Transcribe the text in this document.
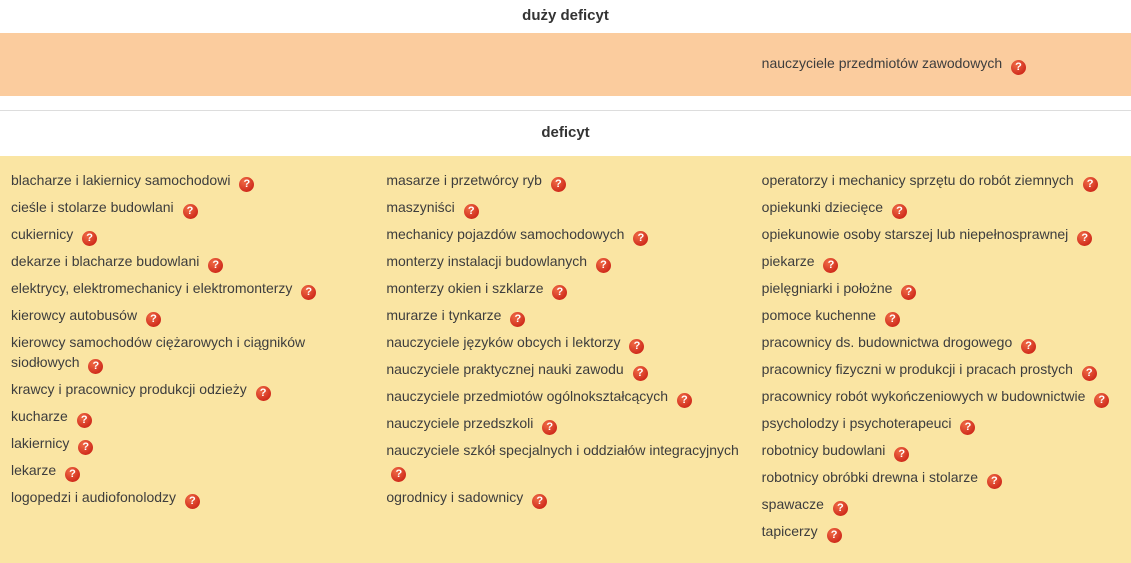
duży deficyt
nauczyciele przedmiotów zawodowych ?
deficyt
blacharze i lakiernicy samochodowi ?
cieśle i stolarze budowlani ?
cukiernicy ?
dekarze i blacharze budowlani ?
elektrycy, elektromechanicy i elektromonterzy ?
kierowcy autobusów ?
kierowcy samochodów ciężarowych i ciągników siodłowych ?
krawcy i pracownicy produkcji odzieży ?
kucharze ?
lakiernicy ?
lekarze ?
logopedzi i audiofonolodzy ?
masarze i przetwórcy ryb ?
maszyniści ?
mechanicy pojazdów samochodowych ?
monterzy instalacji budowlanych ?
monterzy okien i szklarze ?
murarze i tynkarze ?
nauczyciele języków obcych i lektorzy ?
nauczyciele praktycznej nauki zawodu ?
nauczyciele przedmiotów ogólnokształcących ?
nauczyciele przedszkoli ?
nauczyciele szkół specjalnych i oddziałów integracyjnych ?
ogrodnicy i sadownicy ?
operatorzy i mechanicy sprzętu do robót ziemnych ?
opiekunki dziecięce ?
opiekunowie osoby starszej lub niepełnosprawnej ?
piekarze ?
pielęgniarki i położne ?
pomoce kuchenne ?
pracownicy ds. budownictwa drogowego ?
pracownicy fizyczni w produkcji i pracach prostych ?
pracownicy robót wykończeniowych w budownictwie ?
psycholodzy i psychoterapeuci ?
robotnicy budowlani ?
robotnicy obróbki drewna i stolarze ?
spawacze ?
tapicerzy ?
